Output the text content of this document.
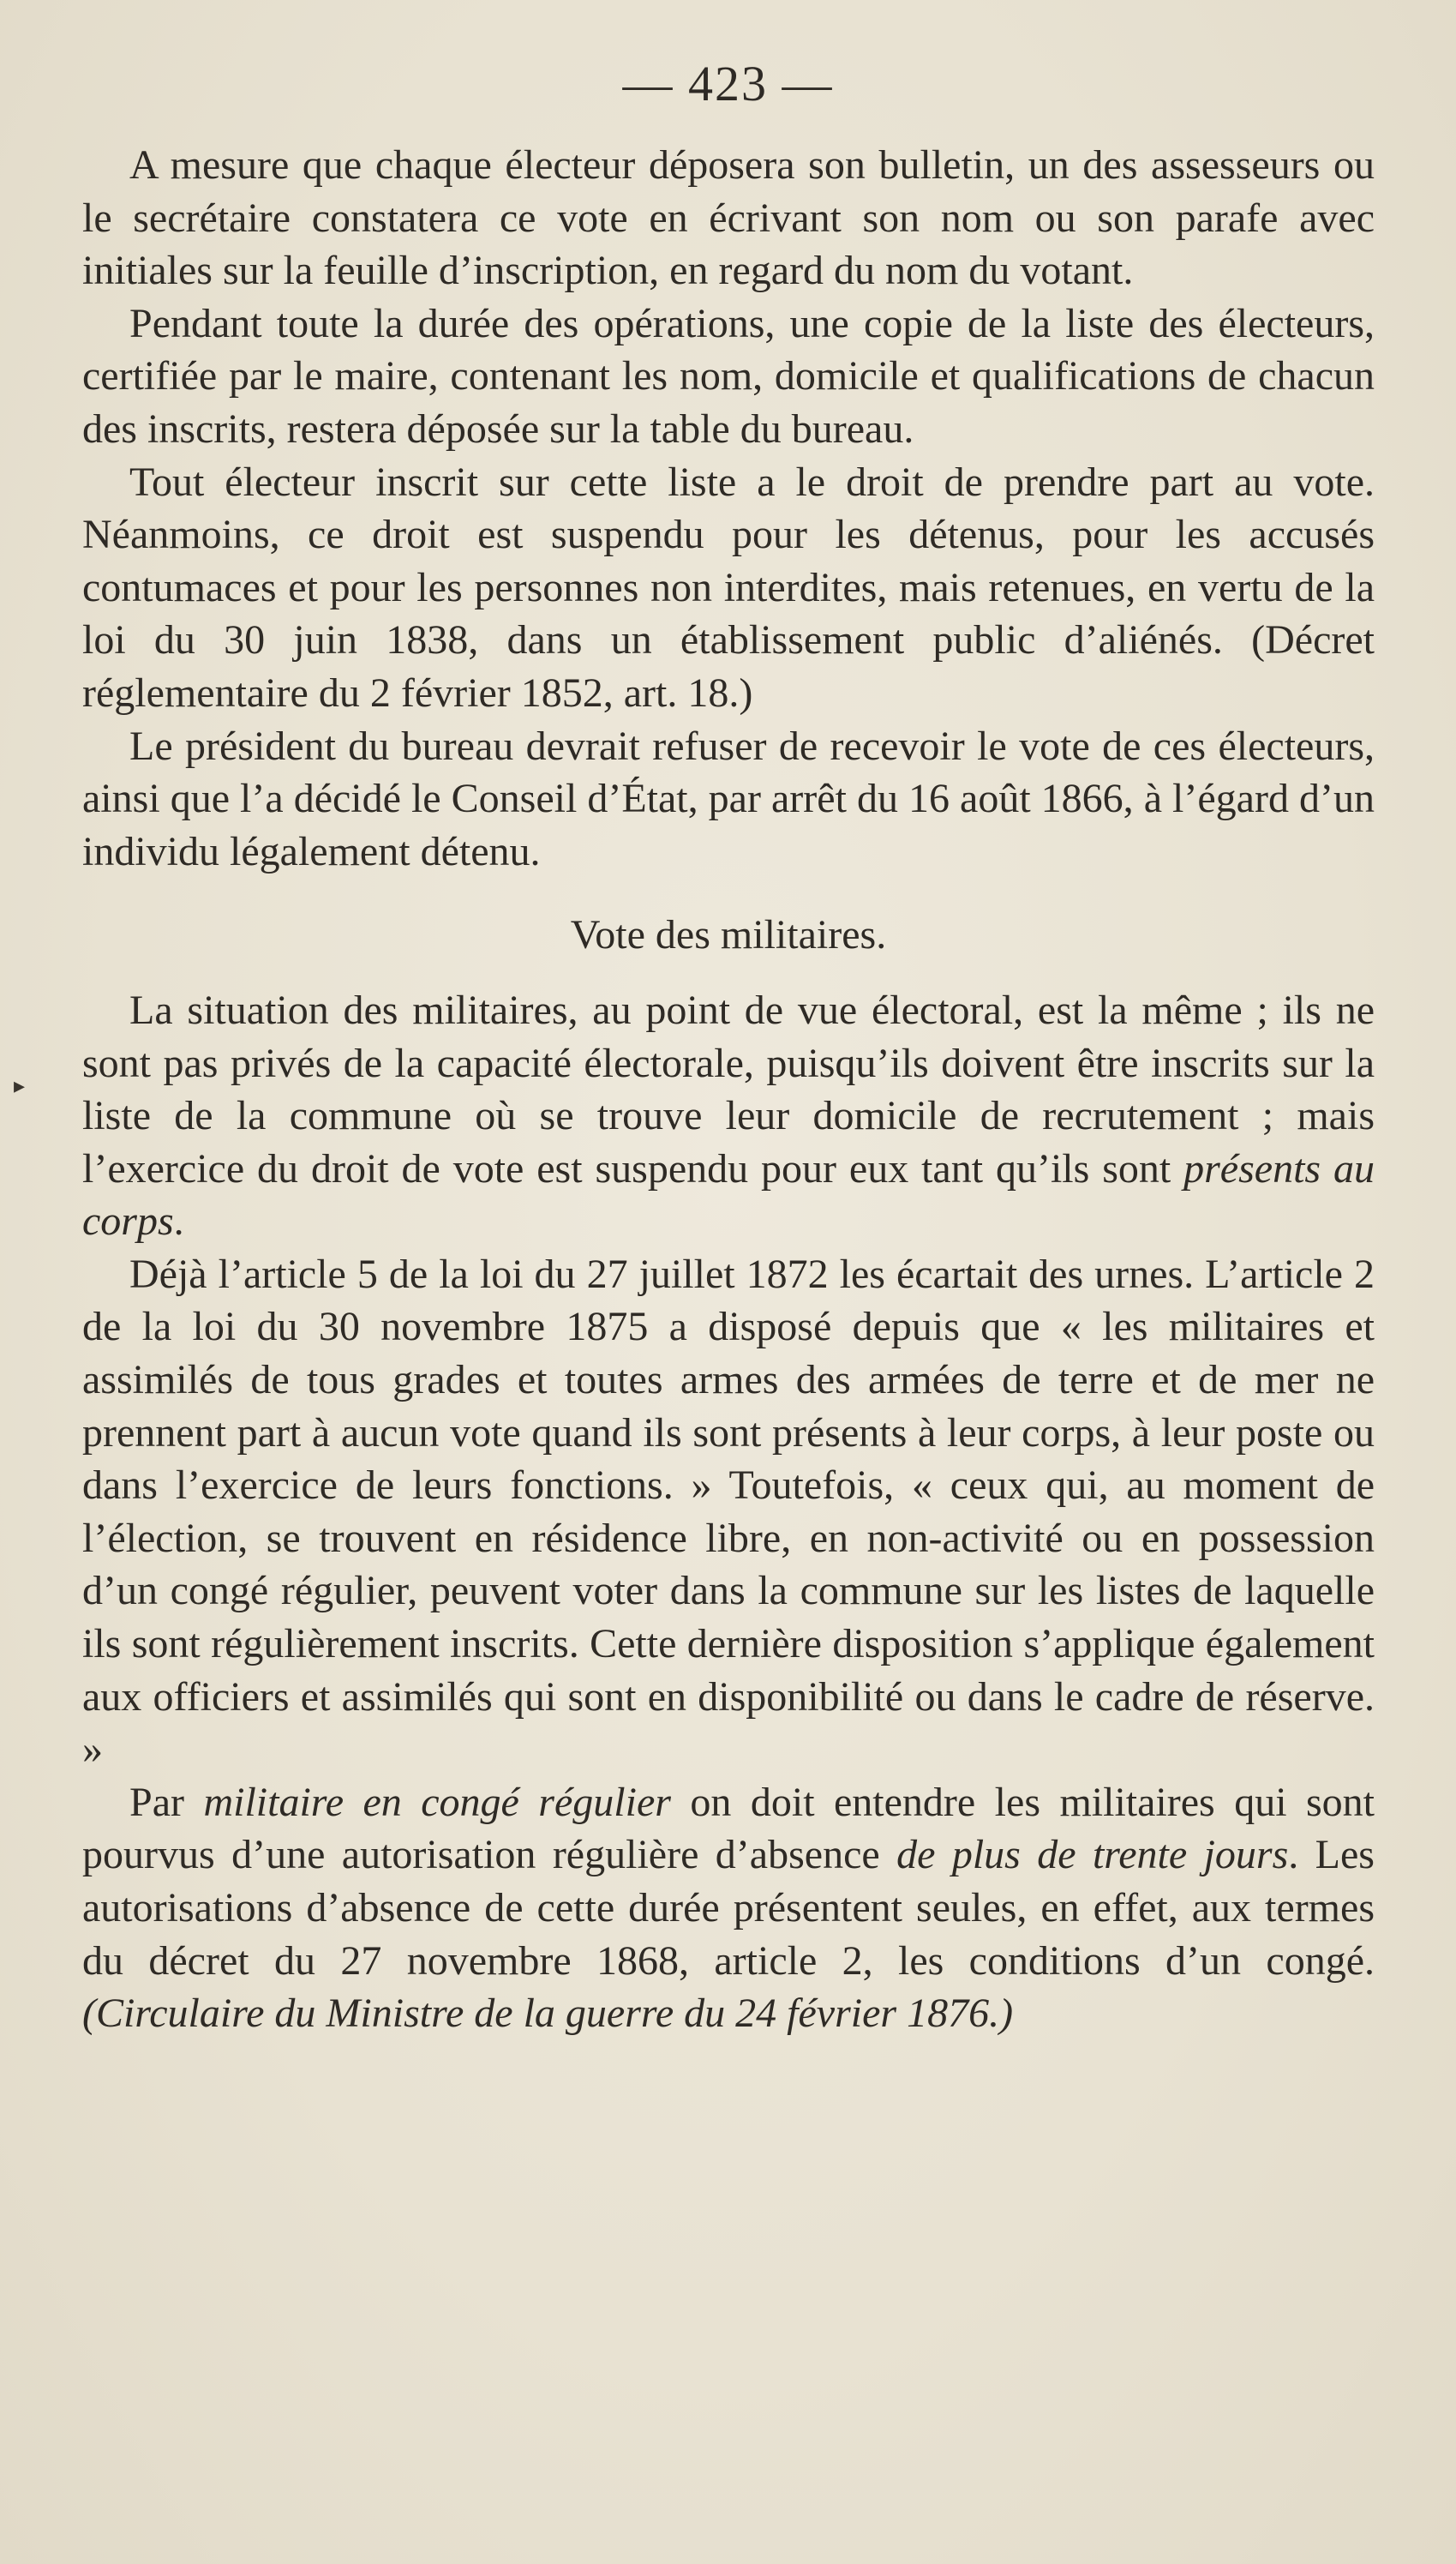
— 423 —
▸

A mesure que chaque électeur déposera son bulletin, un des assesseurs ou le secrétaire constatera ce vote en écrivant son nom ou son parafe avec initiales sur la feuille d’inscription, en regard du nom du votant.

Pendant toute la durée des opérations, une copie de la liste des électeurs, certifiée par le maire, contenant les nom, domicile et qualifications de chacun des inscrits, restera déposée sur la table du bureau.

Tout électeur inscrit sur cette liste a le droit de prendre part au vote. Néanmoins, ce droit est suspendu pour les détenus, pour les accusés contumaces et pour les personnes non interdites, mais retenues, en vertu de la loi du 30 juin 1838, dans un établissement public d’aliénés. (Décret réglementaire du 2 février 1852, art. 18.)

Le président du bureau devrait refuser de recevoir le vote de ces électeurs, ainsi que l’a décidé le Conseil d’État, par arrêt du 16 août 1866, à l’égard d’un individu légalement détenu.

Vote des militaires.

La situation des militaires, au point de vue électoral, est la même ; ils ne sont pas privés de la capacité électorale, puisqu’ils doivent être inscrits sur la liste de la commune où se trouve leur domicile de recrutement ; mais l’exercice du droit de vote est suspendu pour eux tant qu’ils sont présents au corps.

Déjà l’article 5 de la loi du 27 juillet 1872 les écartait des urnes. L’article 2 de la loi du 30 novembre 1875 a disposé depuis que « les militaires et assimilés de tous grades et toutes armes des armées de terre et de mer ne prennent part à aucun vote quand ils sont présents à leur corps, à leur poste ou dans l’exercice de leurs fonctions. » Toutefois, « ceux qui, au moment de l’élection, se trouvent en résidence libre, en non-activité ou en possession d’un congé régulier, peuvent voter dans la commune sur les listes de laquelle ils sont régulièrement inscrits. Cette dernière disposition s’applique également aux officiers et assimilés qui sont en disponibilité ou dans le cadre de réserve. »

Par militaire en congé régulier on doit entendre les militaires qui sont pourvus d’une autorisation régulière d’absence de plus de trente jours. Les autorisations d’absence de cette durée présentent seules, en effet, aux termes du décret du 27 novembre 1868, article 2, les conditions d’un congé. (Circulaire du Ministre de la guerre du 24 février 1876.)
